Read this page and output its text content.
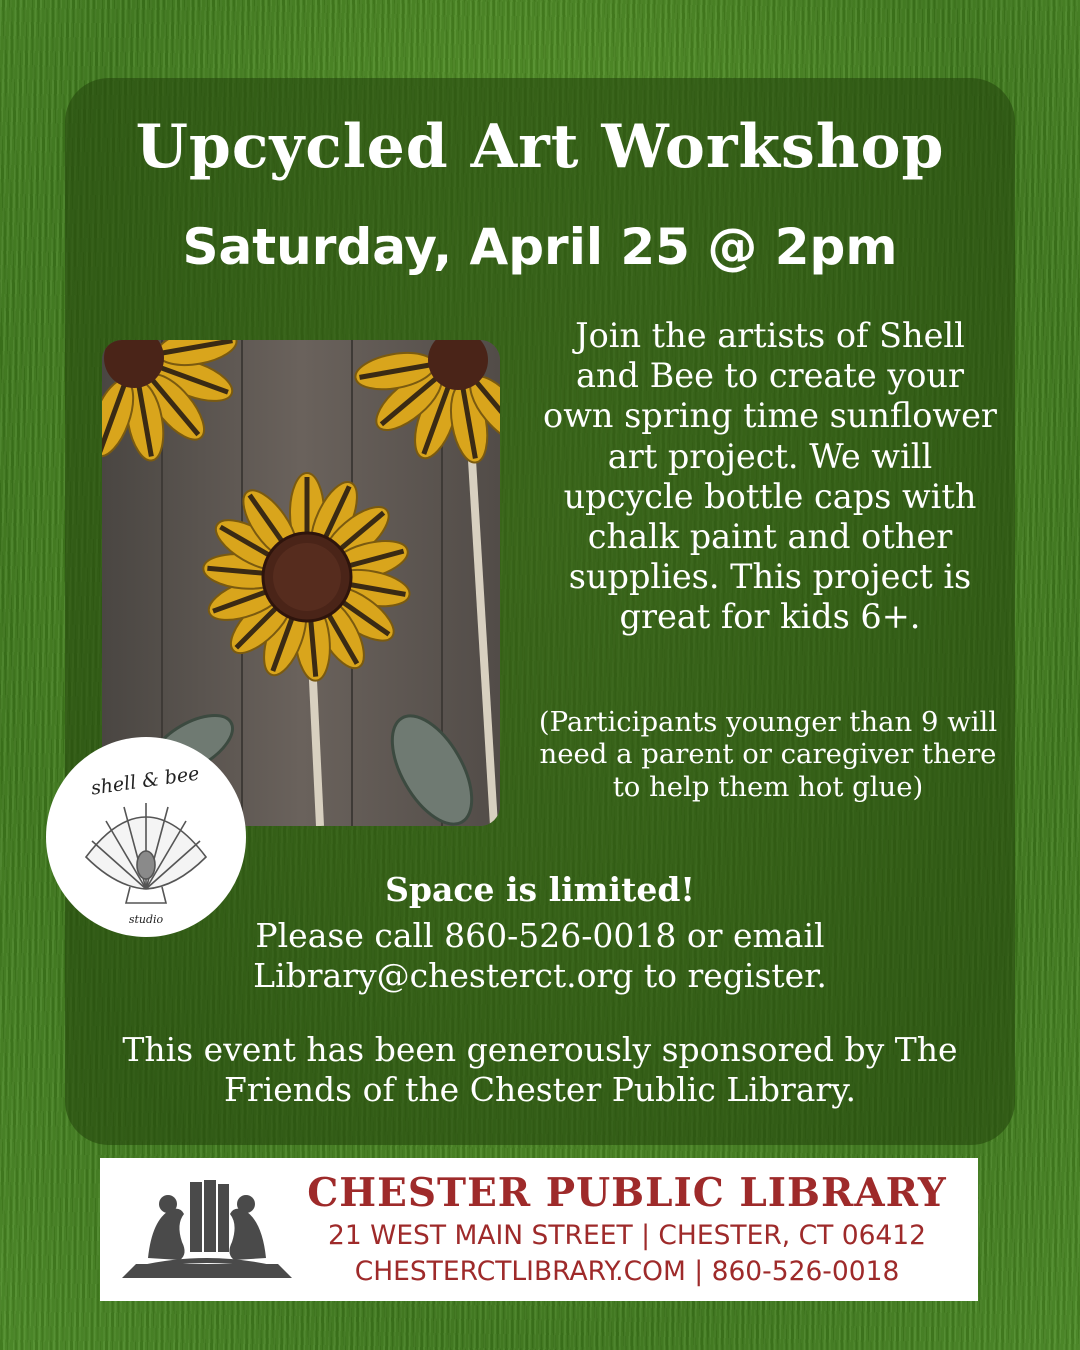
Upcycled Art Workshop
Saturday, April 25 @ 2pm
shell & bee
studio

Join the artists of Shell and Bee to create your own spring time sunflower art project. We will upcycle bottle caps with chalk paint and other supplies. This project is great for kids 6+.

(Participants younger than 9 will need a parent or caregiver there to help them hot glue)

Space is limited!

Please call 860-526-0018 or email Library@chesterct.org to register.

This event has been generously sponsored by The Friends of the Chester Public Library.

CHESTER PUBLIC LIBRARY

21 WEST MAIN STREET | CHESTER, CT 06412

CHESTERCTLIBRARY.COM | 860-526-0018
